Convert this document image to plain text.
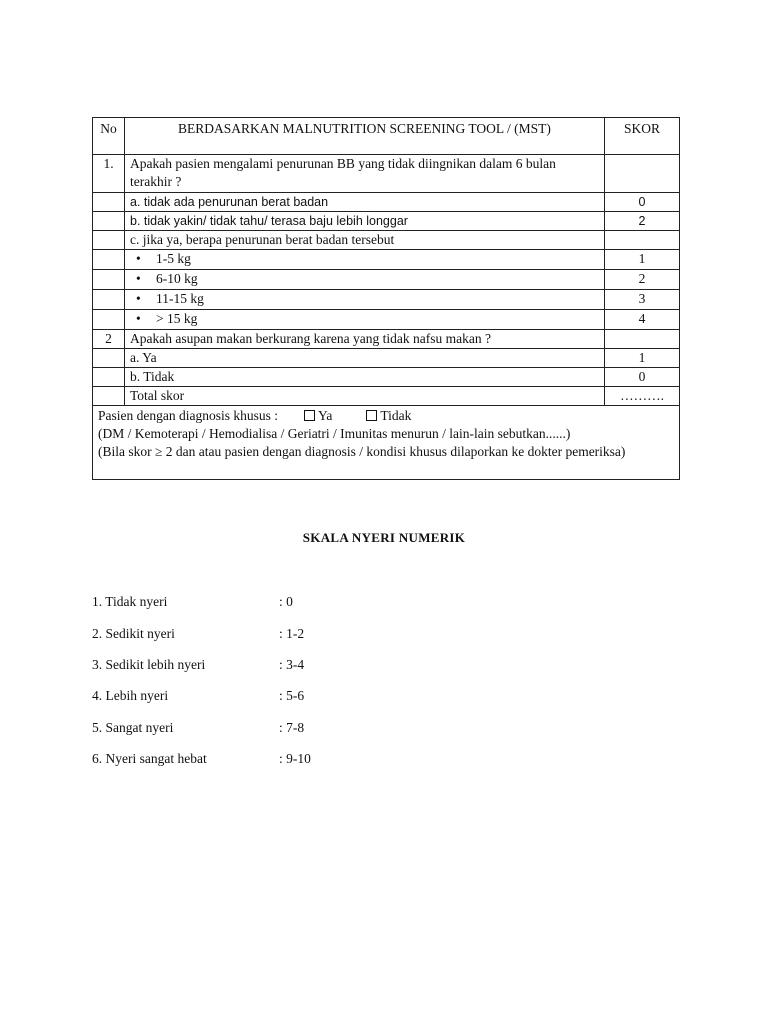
No	BERDASARKAN MALNUTRITION SCREENING TOOL / (MST)	SKOR
1.	Apakah pasien mengalami penurunan BB yang tidak diingnikan dalam 6 bulan terakhir ?	
	a. tidak ada penurunan berat badan	0
	b. tidak yakin/ tidak tahu/ terasa baju lebih longgar	2
	c. jika ya, berapa penurunan berat badan tersebut	
	• 1-5 kg	1
	• 6-10 kg	2
	• 11-15 kg	3
	• > 15 kg	4
2	Apakah asupan makan berkurang karena yang tidak nafsu makan ?	
	a. Ya	1
	b. Tidak	0
	Total skor	……….

Pasien dengan diagnosis khusus : Ya Tidak
(DM / Kemoterapi / Hemodialisa / Geriatri / Imunitas menurun / lain-lain sebutkan......)
(Bila skor ≥ 2 dan atau pasien dengan diagnosis / kondisi khusus dilaporkan ke dokter pemeriksa)		
SKALA NYERI NUMERIK
1. Tidak nyeri	: 0
2. Sedikit nyeri	: 1-2
3. Sedikit lebih nyeri	: 3-4
4. Lebih nyeri	: 5-6
5. Sangat nyeri	: 7-8
6. Nyeri sangat hebat	: 9-10
